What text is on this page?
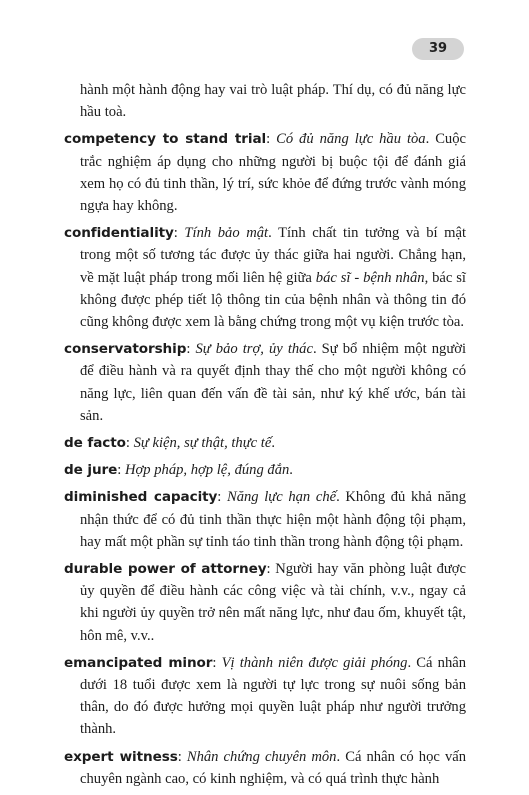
39

hành một hành động hay vai trò luật pháp. Thí dụ, có đủ năng lực hầu toà.

competency to stand trial: Có đủ năng lực hầu tòa. Cuộc trắc nghiệm áp dụng cho những người bị buộc tội để đánh giá xem họ có đủ tinh thần, lý trí, sức khỏe để đứng trước vành móng ngựa hay không.

confidentiality: Tính bảo mật. Tính chất tin tưởng và bí mật trong một số tương tác được ủy thác giữa hai người. Chẳng hạn, về mặt luật pháp trong mối liên hệ giữa bác sĩ - bệnh nhân, bác sĩ không được phép tiết lộ thông tin của bệnh nhân và thông tin đó cũng không được xem là bằng chứng trong một vụ kiện trước tòa.

conservatorship: Sự bảo trợ, ủy thác. Sự bổ nhiệm một người để điều hành và ra quyết định thay thế cho một người không có năng lực, liên quan đến vấn đề tài sản, như ký khế ước, bán tài sản.

de facto: Sự kiện, sự thật, thực tế.

de jure: Hợp pháp, hợp lệ, đúng đắn.

diminished capacity: Năng lực hạn chế. Không đủ khả năng nhận thức để có đủ tinh thần thực hiện một hành động tội phạm, hay mất một phần sự tỉnh táo tinh thần trong hành động tội phạm.

durable power of attorney: Người hay văn phòng luật được ủy quyền để điều hành các công việc và tài chính, v.v., ngay cả khi người ủy quyền trở nên mất năng lực, như đau ốm, khuyết tật, hôn mê, v.v..

emancipated minor: Vị thành niên được giải phóng. Cá nhân dưới 18 tuổi được xem là người tự lực trong sự nuôi sống bản thân, do đó được hưởng mọi quyền luật pháp như người trưởng thành.

expert witness: Nhân chứng chuyên môn. Cá nhân có học vấn chuyên ngành cao, có kinh nghiệm, và có quá trình thực hành
